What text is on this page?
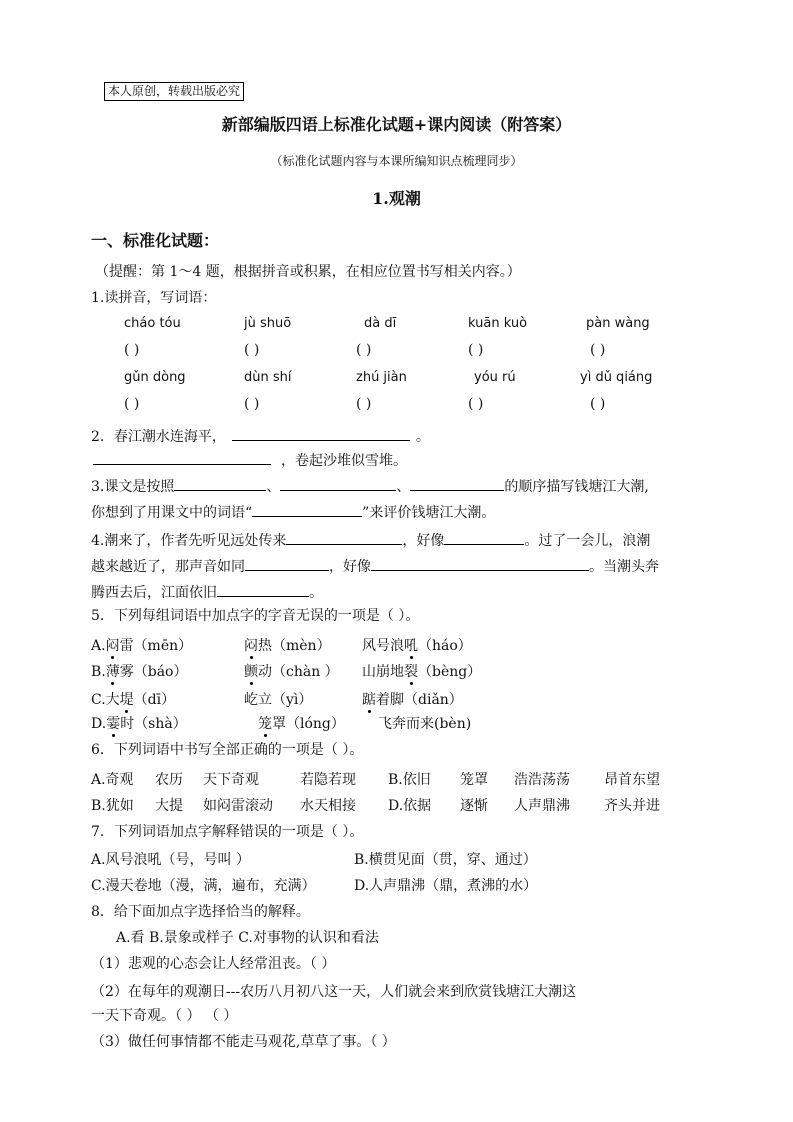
本人原创，转载出版必究
新部编版四语上标准化试题+课内阅读（附答案）
（标准化试题内容与本课所编知识点梳理同步）
1.观潮
一、标准化试题：
（提醒：第 1～4 题，根据拼音或积累，在相应位置书写相关内容。）
1.读拼音，写词语：
cháo tóu	jù shuō	dà dī	kuān kuò	pàn wàng
( )	( )	( )	( )	( )
gǔn dòng	dùn shí	zhú jiàn	yóu rú	yì dǔ qiáng
( )	( )	( )	( )	( )
2．春江潮水连海平，	。
，卷起沙堆似雪堆。
3.课文是按照	、	、	的顺序描写钱塘江大潮,
你想到了用课文中的词语“	”来评价钱塘江大潮。
4.潮来了，作者先听见远处传来	，好像	。过了一会儿，浪潮
越来越近了，那声音如同	，好像	。当潮头奔
腾西去后，江面依旧	。
5．下列每组词语中加点字的字音无误的一项是（ ）。
A.闷雷（mēn）	闷热（mèn） 风号浪吼（háo）
B.薄雾（báo）	颤动（chàn ） 山崩地裂（bèng）
C.大堤（dī）	屹立（yì）	踮着脚（diǎn）
D.霎时（shà）	笼罩（lóng） 飞奔而来(bèn)
6．下列词语中书写全部正确的一项是（ ）。
A.奇观 农历 天下奇观	若隐若现 B.依旧 笼罩 浩浩荡荡 昂首东望
B.犹如 大提 如闷雷滚动 水天相接 D.依据 逐惭 人声鼎沸 齐头并进
7．下列词语加点字解释错误的一项是（ ）。
A.风号浪吼（号，号叫 ）	B.横贯见面（贯，穿、通过）
C.漫天卷地（漫，满，遍布，充满）	D.人声鼎沸（鼎，煮沸的水）
8．给下面加点字选择恰当的解释。
A.看 B.景象或样子 C.对事物的认识和看法
（1）悲观的心态会让人经常沮丧。（ ）
（2）在每年的观潮日---农历八月初八这一天，人们就会来到欣赏钱塘江大潮这
一天下奇观。（ ） （ ）
（3）做任何事情都不能走马观花,草草了事。（ ）
